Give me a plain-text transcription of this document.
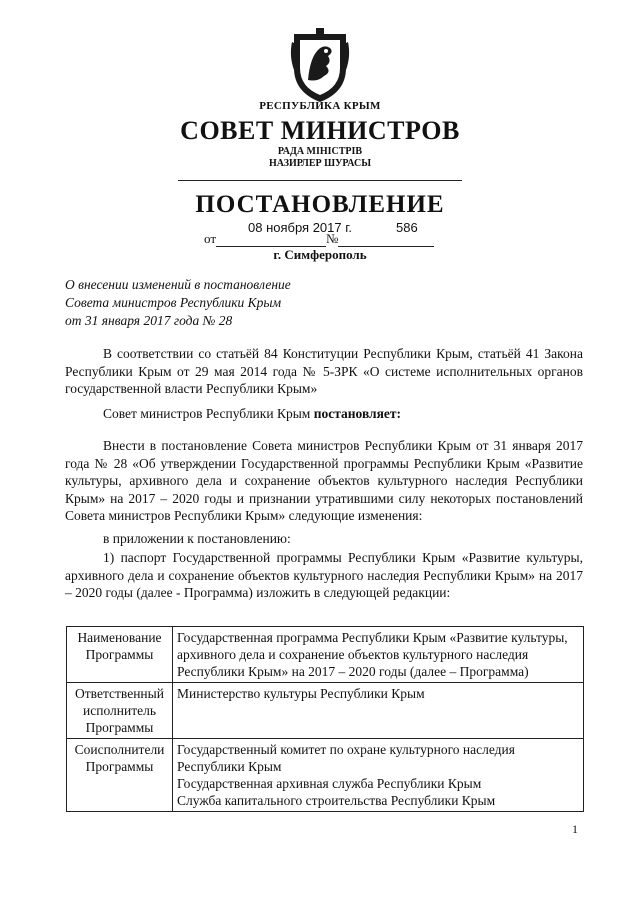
РЕСПУБЛИКА КРЫМ
СОВЕТ МИНИСТРОВ
РАДА МІНІСТРІВ
НАЗИРЛЕР ШУРАСЫ
ПОСТАНОВЛЕНИЕ
от	№
08 ноября 2017 г.	586
г. Симферополь
О внесении изменений в постановление
Совета министров Республики Крым
от 31 января 2017 года № 28
В соответствии со статьёй 84 Конституции Республики Крым, статьёй 41 Закона Республики Крым от 29 мая 2014 года № 5-ЗРК «О системе исполнительных органов государственной власти Республики Крым»
Совет министров Республики Крым постановляет:
Внести в постановление Совета министров Республики Крым от 31 января 2017 года № 28 «Об утверждении Государственной программы Республики Крым «Развитие культуры, архивного дела и сохранение объектов культурного наследия Республики Крым» на 2017 – 2020 годы и признании утратившими силу некоторых постановлений Совета министров Республики Крым» следующие изменения:
в приложении к постановлению:
1) паспорт Государственной программы Республики Крым «Развитие культуры, архивного дела и сохранение объектов культурного наследия Республики Крым» на 2017 – 2020 годы (далее - Программа) изложить в следующей редакции:
Наименование Программы	Государственная программа Республики Крым «Развитие культуры, архивного дела и сохранение объектов культурного наследия Республики Крым» на 2017 – 2020 годы (далее – Программа)
Ответственный исполнитель Программы	Министерство культуры Республики Крым
Соисполнители Программы	Государственный комитет по охране культурного наследия Республики Крым
Государственная архивная служба Республики Крым
Служба капитального строительства Республики Крым
1
